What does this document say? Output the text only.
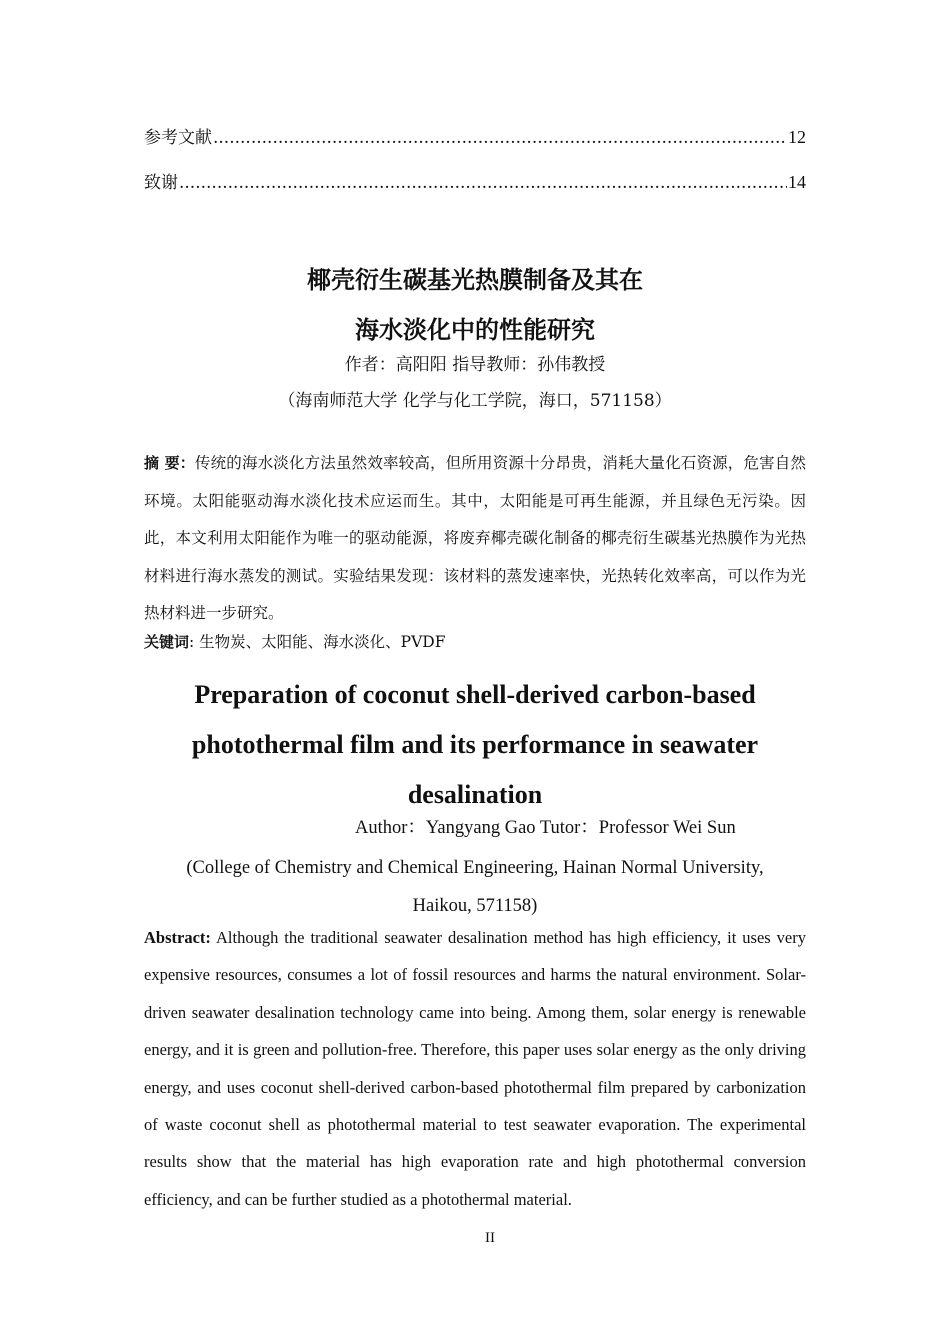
参考文献 .....	12
致谢 .....	14
椰壳衍生碳基光热膜制备及其在
海水淡化中的性能研究
作者：高阳阳 指导教师：孙伟教授
（海南师范大学 化学与化工学院，海口，571158）
摘 要：传统的海水淡化方法虽然效率较高，但所用资源十分昂贵，消耗大量化石资源，危害自然环境。太阳能驱动海水淡化技术应运而生。其中，太阳能是可再生能源，并且绿色无污染。因此，本文利用太阳能作为唯一的驱动能源，将废弃椰壳碳化制备的椰壳衍生碳基光热膜作为光热材料进行海水蒸发的测试。实验结果发现：该材料的蒸发速率快，光热转化效率高，可以作为光热材料进一步研究。
关键词: 生物炭、太阳能、海水淡化、PVDF
Preparation of coconut shell-derived carbon-based photothermal film and its performance in seawater desalination
Author：Yangyang Gao Tutor：Professor Wei Sun
(College of Chemistry and Chemical Engineering, Hainan Normal University, Haikou, 571158)
Abstract: Although the traditional seawater desalination method has high efficiency, it uses very expensive resources, consumes a lot of fossil resources and harms the natural environment. Solar-driven seawater desalination technology came into being. Among them, solar energy is renewable energy, and it is green and pollution-free. Therefore, this paper uses solar energy as the only driving energy, and uses coconut shell-derived carbon-based photothermal film prepared by carbonization of waste coconut shell as photothermal material to test seawater evaporation. The experimental results show that the material has high evaporation rate and high photothermal conversion efficiency, and can be further studied as a photothermal material.
II
